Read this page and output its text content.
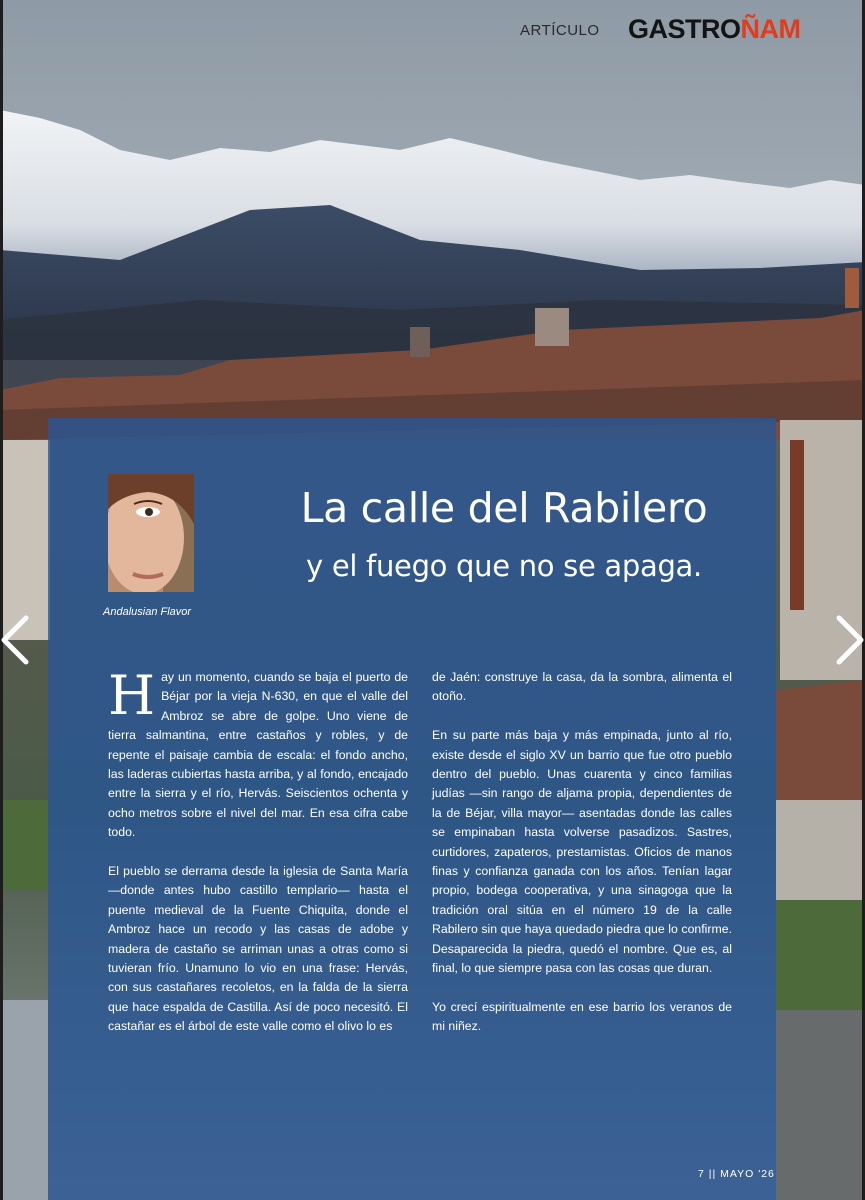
ARTÍCULO GASTROÑAM
Andalusian Flavor
La calle del Rabilero
y el fuego que no se apaga.

Hay un momento, cuando se baja el puerto de Béjar por la vieja N-630, en que el valle del Ambroz se abre de golpe. Uno viene de tierra salmantina, entre castaños y robles, y de repente el paisaje cambia de escala: el fondo ancho, las laderas cubiertas hasta arriba, y al fondo, encajado entre la sierra y el río, Hervás. Seiscientos ochenta y ocho metros sobre el nivel del mar. En esa cifra cabe todo.

El pueblo se derrama desde la iglesia de Santa María —donde antes hubo castillo templario— hasta el puente medieval de la Fuente Chiquita, donde el Ambroz hace un recodo y las casas de adobe y madera de castaño se arriman unas a otras como si tuvieran frío. Unamuno lo vio en una frase: Hervás, con sus castañares recoletos, en la falda de la sierra que hace espalda de Castilla. Así de poco necesitó. El castañar es el árbol de este valle como el olivo lo es

de Jaén: construye la casa, da la sombra, alimenta el otoño.

En su parte más baja y más empinada, junto al río, existe desde el siglo XV un barrio que fue otro pueblo dentro del pueblo. Unas cuarenta y cinco familias judías —sin rango de aljama propia, dependientes de la de Béjar, villa mayor— asentadas donde las calles se empinaban hasta volverse pasadizos. Sastres, curtidores, zapateros, prestamistas. Oficios de manos finas y confianza ganada con los años. Tenían lagar propio, bodega cooperativa, y una sinagoga que la tradición oral sitúa en el número 19 de la calle Rabilero sin que haya quedado piedra que lo confirme. Desaparecida la piedra, quedó el nombre. Que es, al final, lo que siempre pasa con las cosas que duran.

Yo crecí espiritualmente en ese barrio los veranos de mi niñez.

7 || MAYO '26
